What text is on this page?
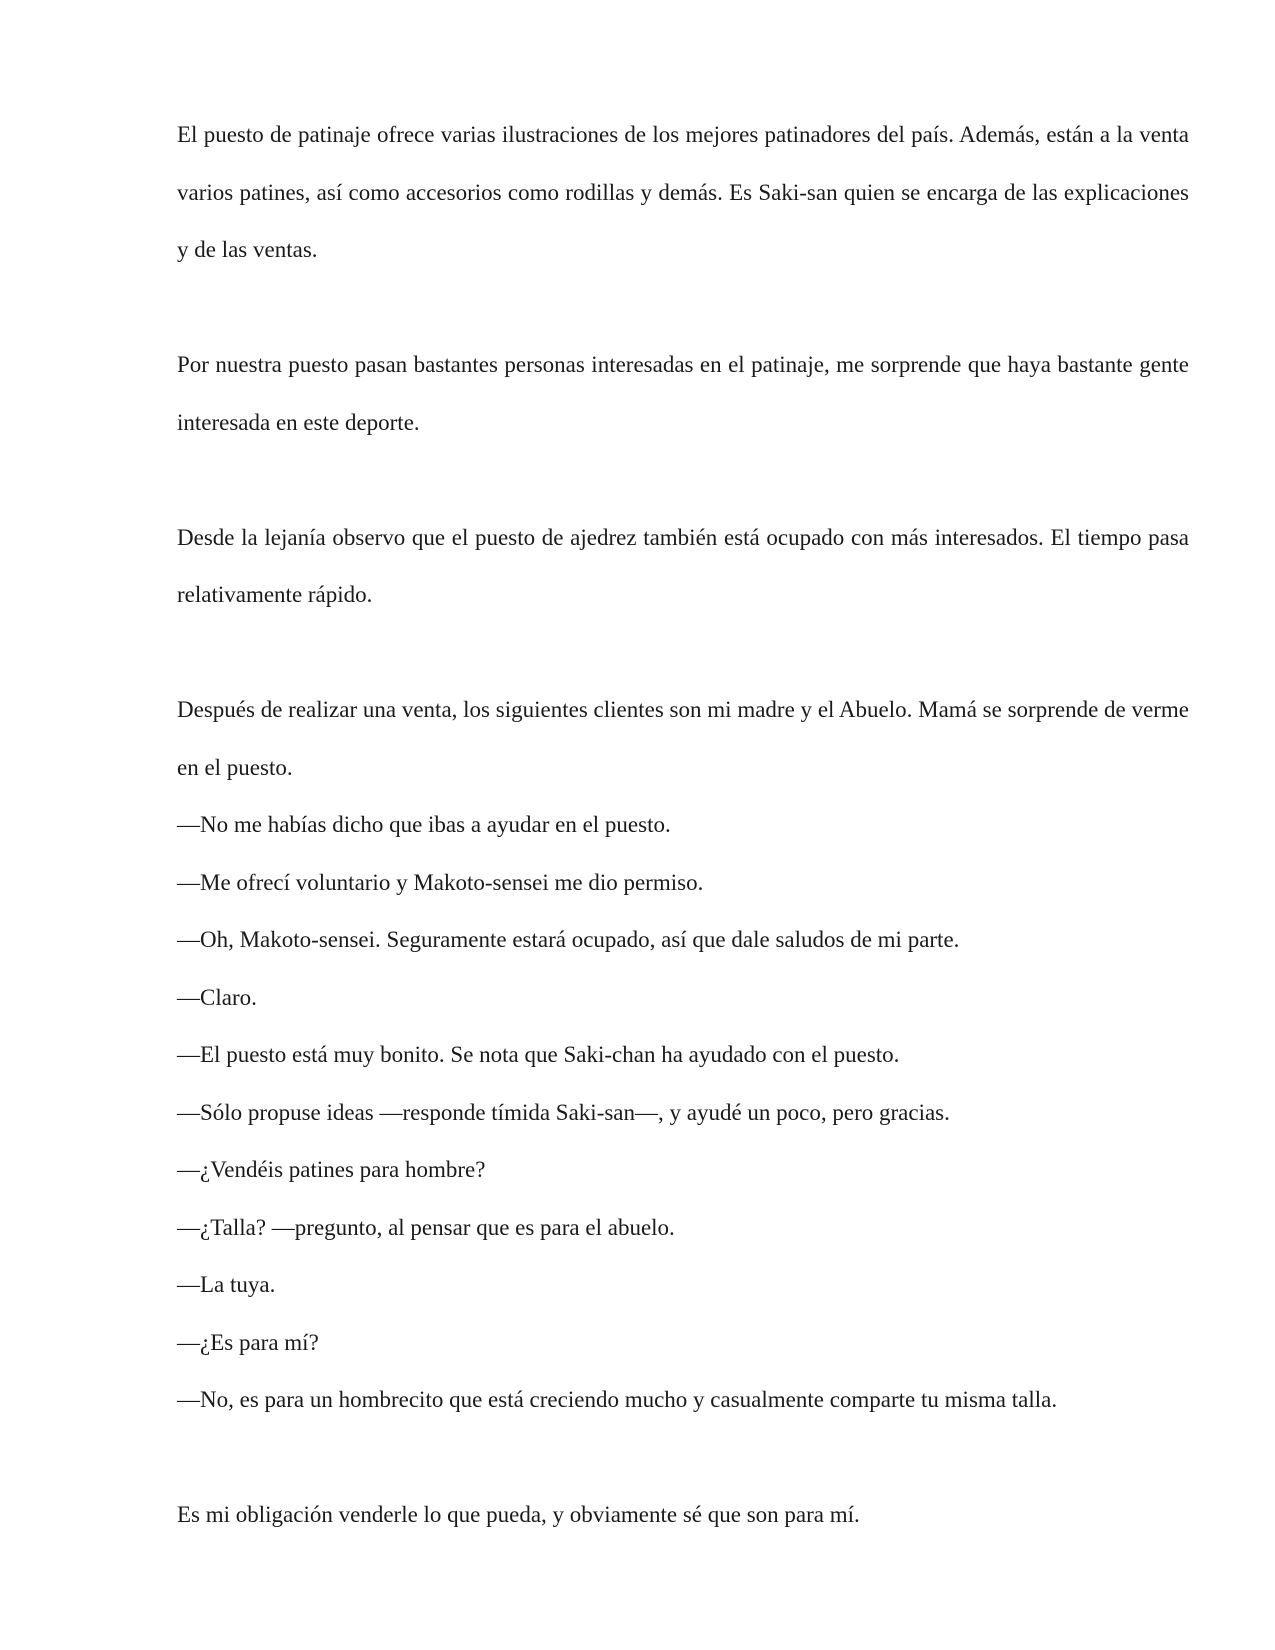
El puesto de patinaje ofrece varias ilustraciones de los mejores patinadores del país. Además, están a la venta varios patines, así como accesorios como rodillas y demás. Es Saki-san quien se encarga de las explicaciones y de las ventas.

Por nuestra puesto pasan bastantes personas interesadas en el patinaje, me sorprende que haya bastante gente interesada en este deporte.

Desde la lejanía observo que el puesto de ajedrez también está ocupado con más interesados. El tiempo pasa relativamente rápido.

Después de realizar una venta, los siguientes clientes son mi madre y el Abuelo. Mamá se sorprende de verme en el puesto.

—No me habías dicho que ibas a ayudar en el puesto.

—Me ofrecí voluntario y Makoto-sensei me dio permiso.

—Oh, Makoto-sensei. Seguramente estará ocupado, así que dale saludos de mi parte.

—Claro.

—El puesto está muy bonito. Se nota que Saki-chan ha ayudado con el puesto.

—Sólo propuse ideas —responde tímida Saki-san—, y ayudé un poco, pero gracias.

—¿Vendéis patines para hombre?

—¿Talla? —pregunto, al pensar que es para el abuelo.

—La tuya.

—¿Es para mí?

—No, es para un hombrecito que está creciendo mucho y casualmente comparte tu misma talla.

Es mi obligación venderle lo que pueda, y obviamente sé que son para mí.
